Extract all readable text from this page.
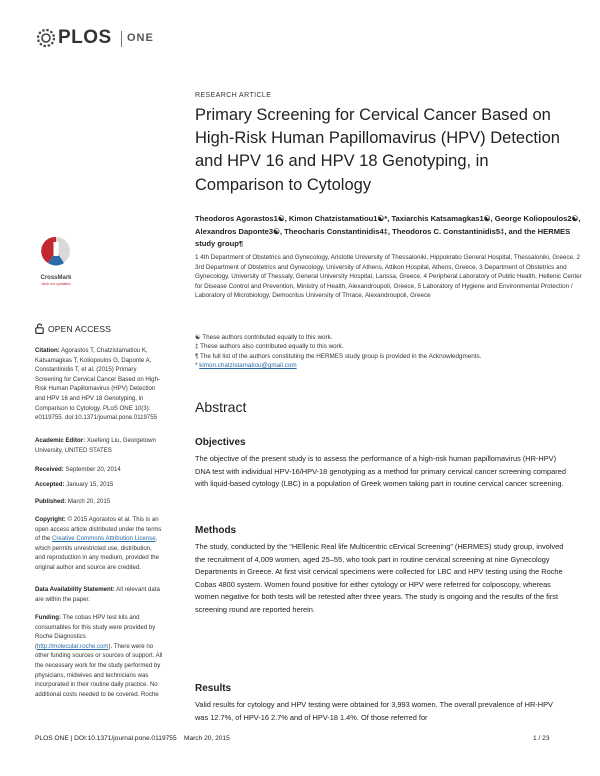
PLOS ONE
CrossMark
click for updates
OPEN ACCESS
Citation: Agorastos T, Chatzistamatiou K, Katsamagkas T, Koliopoulos G, Daponte A, Constantinidis T, et al. (2015) Primary Screening for Cervical Cancer Based on High-Risk Human Papillomavirus (HPV) Detection and HPV 16 and HPV 18 Genotyping, in Comparison to Cytology. PLoS ONE 10(3): e0119755. doi:10.1371/journal.pone.0119755
Academic Editor: Xuefeng Liu, Georgetown University, UNITED STATES
Received: September 20, 2014
Accepted: January 15, 2015
Published: March 20, 2015
Copyright: © 2015 Agorastos et al. This is an open access article distributed under the terms of the Creative Commons Attribution License, which permits unrestricted use, distribution, and reproduction in any medium, provided the original author and source are credited.
Data Availability Statement: All relevant data are within the paper.
Funding: The cobas HPV test kits and consumables for this study were provided by Roche Diagnostics (http://molecular.roche.com). There were no other funding sources or sources of support. All the necessary work for the study performed by physicians, midwives and technicians was incorporated in their routine daily practice. No additional costs needed to be covered. Roche
RESEARCH ARTICLE
Primary Screening for Cervical Cancer Based on High-Risk Human Papillomavirus (HPV) Detection and HPV 16 and HPV 18 Genotyping, in Comparison to Cytology
Theodoros Agorastos1☯, Kimon Chatzistamatiou1☯*, Taxiarchis Katsamagkas1☯, George Koliopoulos2☯, Alexandros Daponte3☯, Theocharis Constantinidis4‡, Theodoros C. Constantinidis5‡, and the HERMES study group¶
1 4th Department of Obstetrics and Gynecology, Aristotle University of Thessaloniki, Hippokratio General Hospital, Thessaloniki, Greece, 2 3rd Department of Obstetrics and Gynecology, University of Athens, Attikon Hospital, Athens, Greece, 3 Department of Obstetrics and Gynecology, University of Thessaly, General University Hospital, Larissa, Greece, 4 Peripheral Laboratory of Public Health, Hellenic Center for Disease Control and Prevention, Ministry of Health, Alexandroupoli, Greece, 5 Laboratory of Hygiene and Environmental Protection / Laboratory of Microbiology, Democritus University of Thrace, Alexandroupoli, Greece
☯ These authors contributed equally to this work.
‡ These authors also contributed equally to this work.
¶ The full list of the authors constituting the HERMES study group is provided in the Acknowledgments.
* kimon.chatzistamatiou@gmail.com
Abstract
Objectives

The objective of the present study is to assess the performance of a high-risk human papillomavirus (HR-HPV) DNA test with individual HPV-16/HPV-18 genotyping as a method for primary cervical cancer screening compared with liquid-based cytology (LBC) in a population of Greek women taking part in routine cervical cancer screening.

Methods

The study, conducted by the “HEllenic Real life Multicentric cErvical Screening” (HERMES) study group, involved the recruitment of 4,009 women, aged 25–55, who took part in routine cervical screening at nine Gynecology Departments in Greece. At first visit cervical specimens were collected for LBC and HPV testing using the Roche Cobas 4800 system. Women found positive for either cytology or HPV were referred for colposcopy, whereas women negative for both tests will be retested after three years. The study is ongoing and the results of the first screening round are reported herein.

Results

Valid results for cytology and HPV testing were obtained for 3,993 women. The overall prevalence of HR-HPV was 12.7%, of HPV-16 2.7% and of HPV-18 1.4%. Of those referred for

PLOS ONE | DOI:10.1371/journal.pone.0119755    March 20, 2015	1 / 23
